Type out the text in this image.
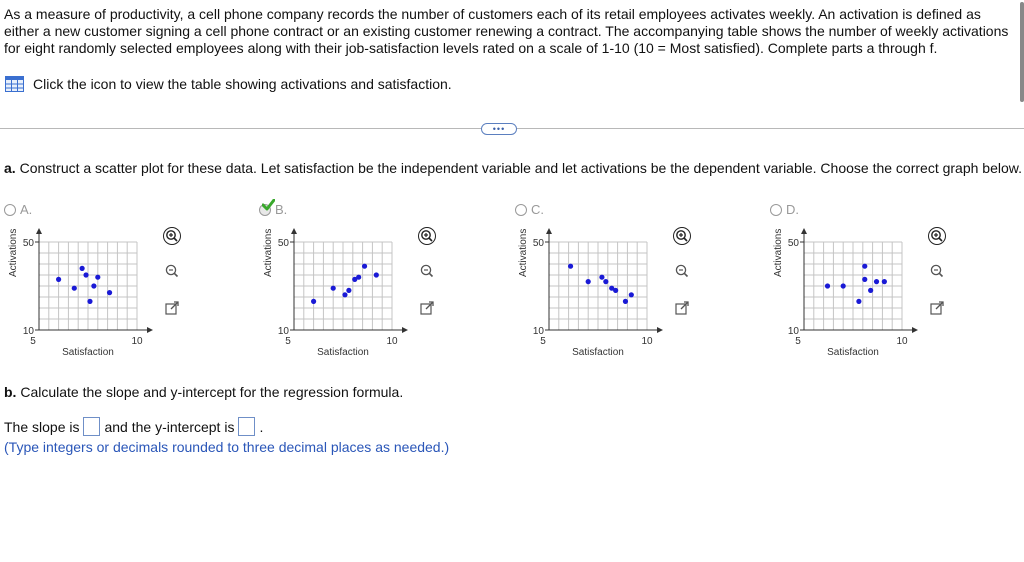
As a measure of productivity, a cell phone company records the number of customers each of its retail employees activates weekly. An activation is defined as either a new customer signing a cell phone contract or an existing customer renewing a contract. The accompanying table shows the number of weekly activations for eight randomly selected employees along with their job-satisfaction levels rated on a scale of 1-10 (10 = Most satisfied). Complete parts a through f.
Click the icon to view the table showing activations and satisfaction.
•••
a. Construct a scatter plot for these data. Let satisfaction be the independent variable and let activations be the dependent variable. Choose the correct graph below.
A.	B.	C.	D.
Activations 50
10
5	10
Satisfaction
Activations 50
10
5	10
Satisfaction
Activations 50
10
5	10
Satisfaction
Activations 50
10
5	10
Satisfaction
b. Calculate the slope and y-intercept for the regression formula.
The slope is and the y-intercept is .
(Type integers or decimals rounded to three decimal places as needed.)
